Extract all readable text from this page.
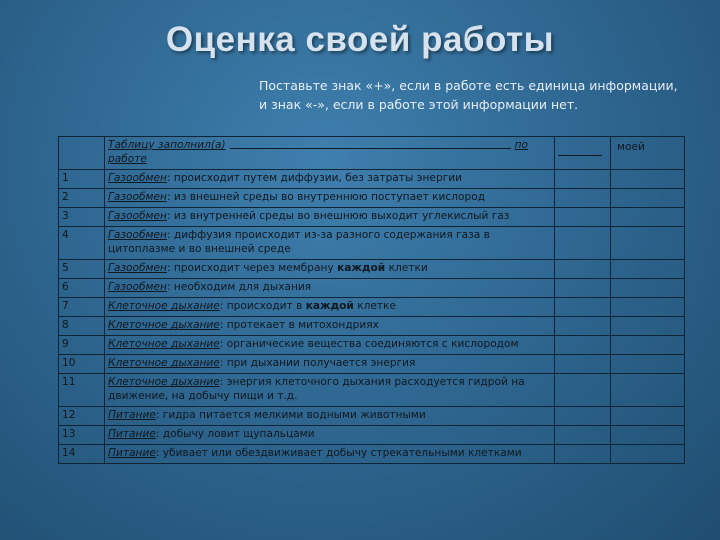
Оценка своей работы
Поставьте знак «+», если в работе есть единица информации,
и знак «-», если в работе этой информации нет.

	Таблицу заполнил(а) по
работе		моей
1	Газообмен: происходит путем диффузии, без затраты энергии		
2	Газообмен: из внешней среды во внутреннюю поступает кислород		
3	Газообмен: из внутренней среды во внешнюю выходит углекислый газ		
4	Газообмен: диффузия происходит из-за разного содержания газа в цитоплазме и во внешней среде		
5	Газообмен: происходит через мембрану каждой клетки		
6	Газообмен: необходим для дыхания		
7	Клеточное дыхание: происходит в каждой клетке		
8	Клеточное дыхание: протекает в митохондриях		
9	Клеточное дыхание: органические вещества соединяются с кислородом		
10	Клеточное дыхание: при дыхании получается энергия		
11	Клеточное дыхание: энергия клеточного дыхания расходуется гидрой на движение, на добычу пищи и т.д.		
12	Питание: гидра питается мелкими водными животными		
13	Питание: добычу ловит щупальцами		
14	Питание: убивает или обездвиживает добычу стрекательными клетками		
